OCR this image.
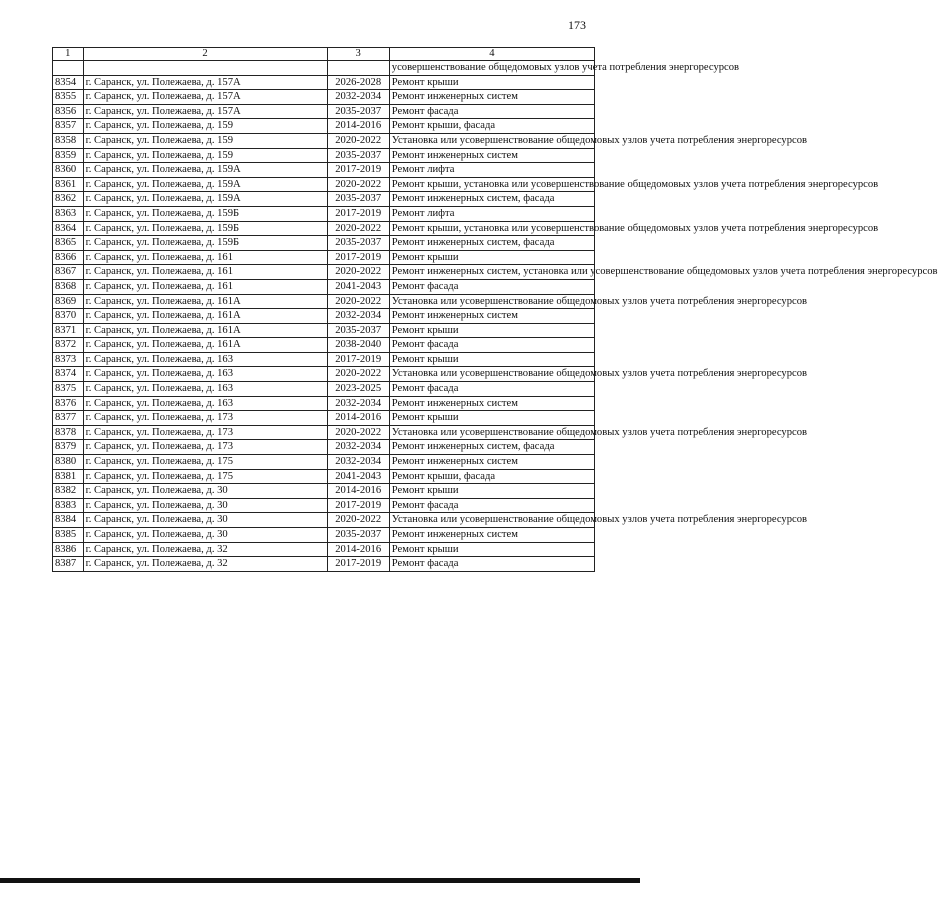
173
1	2	3	4
			усовершенствование общедомовых узлов учета потребления энергоресурсов
8354	г. Саранск, ул. Полежаева, д. 157А	2026-2028	Ремонт крыши
8355	г. Саранск, ул. Полежаева, д. 157А	2032-2034	Ремонт инженерных систем
8356	г. Саранск, ул. Полежаева, д. 157А	2035-2037	Ремонт фасада
8357	г. Саранск, ул. Полежаева, д. 159	2014-2016	Ремонт крыши, фасада
8358	г. Саранск, ул. Полежаева, д. 159	2020-2022	Установка или усовершенствование общедомовых узлов учета потребления энергоресурсов
8359	г. Саранск, ул. Полежаева, д. 159	2035-2037	Ремонт инженерных систем
8360	г. Саранск, ул. Полежаева, д. 159А	2017-2019	Ремонт лифта
8361	г. Саранск, ул. Полежаева, д. 159А	2020-2022	Ремонт крыши, установка или усовершенствование общедомовых узлов учета потребления энергоресурсов
8362	г. Саранск, ул. Полежаева, д. 159А	2035-2037	Ремонт инженерных систем, фасада
8363	г. Саранск, ул. Полежаева, д. 159Б	2017-2019	Ремонт лифта
8364	г. Саранск, ул. Полежаева, д. 159Б	2020-2022	Ремонт крыши, установка или усовершенствование общедомовых узлов учета потребления энергоресурсов
8365	г. Саранск, ул. Полежаева, д. 159Б	2035-2037	Ремонт инженерных систем, фасада
8366	г. Саранск, ул. Полежаева, д. 161	2017-2019	Ремонт крыши
8367	г. Саранск, ул. Полежаева, д. 161	2020-2022	Ремонт инженерных систем, установка или усовершенствование общедомовых узлов учета потребления энергоресурсов
8368	г. Саранск, ул. Полежаева, д. 161	2041-2043	Ремонт фасада
8369	г. Саранск, ул. Полежаева, д. 161А	2020-2022	Установка или усовершенствование общедомовых узлов учета потребления энергоресурсов
8370	г. Саранск, ул. Полежаева, д. 161А	2032-2034	Ремонт инженерных систем
8371	г. Саранск, ул. Полежаева, д. 161А	2035-2037	Ремонт крыши
8372	г. Саранск, ул. Полежаева, д. 161А	2038-2040	Ремонт фасада
8373	г. Саранск, ул. Полежаева, д. 163	2017-2019	Ремонт крыши
8374	г. Саранск, ул. Полежаева, д. 163	2020-2022	Установка или усовершенствование общедомовых узлов учета потребления энергоресурсов
8375	г. Саранск, ул. Полежаева, д. 163	2023-2025	Ремонт фасада
8376	г. Саранск, ул. Полежаева, д. 163	2032-2034	Ремонт инженерных систем
8377	г. Саранск, ул. Полежаева, д. 173	2014-2016	Ремонт крыши
8378	г. Саранск, ул. Полежаева, д. 173	2020-2022	Установка или усовершенствование общедомовых узлов учета потребления энергоресурсов
8379	г. Саранск, ул. Полежаева, д. 173	2032-2034	Ремонт инженерных систем, фасада
8380	г. Саранск, ул. Полежаева, д. 175	2032-2034	Ремонт инженерных систем
8381	г. Саранск, ул. Полежаева, д. 175	2041-2043	Ремонт крыши, фасада
8382	г. Саранск, ул. Полежаева, д. 30	2014-2016	Ремонт крыши
8383	г. Саранск, ул. Полежаева, д. 30	2017-2019	Ремонт фасада
8384	г. Саранск, ул. Полежаева, д. 30	2020-2022	Установка или усовершенствование общедомовых узлов учета потребления энергоресурсов
8385	г. Саранск, ул. Полежаева, д. 30	2035-2037	Ремонт инженерных систем
8386	г. Саранск, ул. Полежаева, д. 32	2014-2016	Ремонт крыши
8387	г. Саранск, ул. Полежаева, д. 32	2017-2019	Ремонт фасада
